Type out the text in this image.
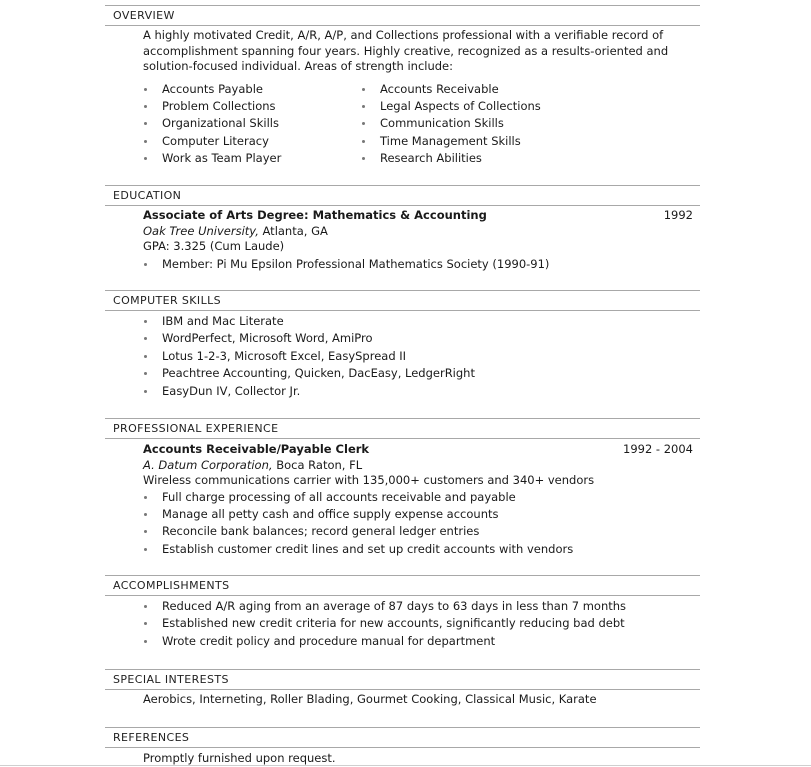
OVERVIEW
A highly motivated Credit, A/R, A/P, and Collections professional with a verifiable record of accomplishment spanning four years. Highly creative, recognized as a results-oriented and solution-focused individual. Areas of strength include:
Accounts Payable
Problem Collections
Organizational Skills
Computer Literacy
Work as Team Player
Accounts Receivable
Legal Aspects of Collections
Communication Skills
Time Management Skills
Research Abilities
EDUCATION
Associate of Arts Degree: Mathematics & Accounting	1992
Oak Tree University, Atlanta, GA
GPA: 3.325 (Cum Laude)
Member: Pi Mu Epsilon Professional Mathematics Society (1990-91)
COMPUTER SKILLS
IBM and Mac Literate
WordPerfect, Microsoft Word, AmiPro
Lotus 1-2-3, Microsoft Excel, EasySpread II
Peachtree Accounting, Quicken, DacEasy, LedgerRight
EasyDun IV, Collector Jr.
PROFESSIONAL EXPERIENCE
Accounts Receivable/Payable Clerk	1992 - 2004
A. Datum Corporation, Boca Raton, FL
Wireless communications carrier with 135,000+ customers and 340+ vendors
Full charge processing of all accounts receivable and payable
Manage all petty cash and office supply expense accounts
Reconcile bank balances; record general ledger entries
Establish customer credit lines and set up credit accounts with vendors
ACCOMPLISHMENTS
Reduced A/R aging from an average of 87 days to 63 days in less than 7 months
Established new credit criteria for new accounts, significantly reducing bad debt
Wrote credit policy and procedure manual for department
SPECIAL INTERESTS
Aerobics, Interneting, Roller Blading, Gourmet Cooking, Classical Music, Karate
REFERENCES
Promptly furnished upon request.
